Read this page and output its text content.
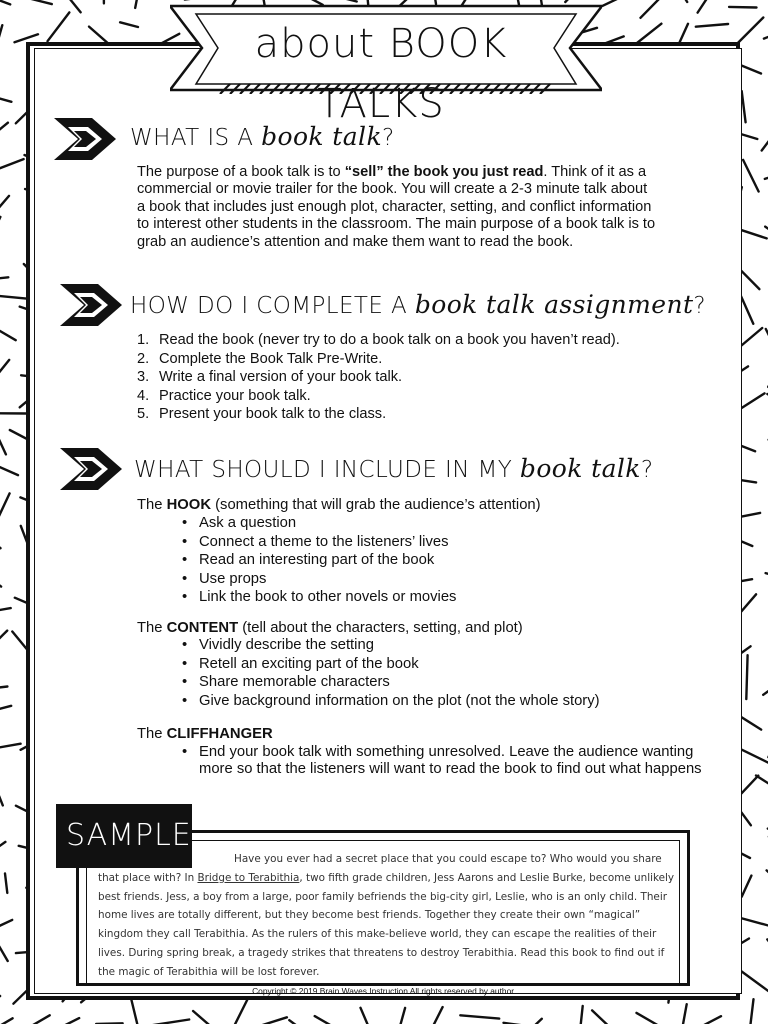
about BOOK TALKS
WHAT IS A book talk?
The purpose of a book talk is to “sell” the book you just read. Think of it as a commercial or movie trailer for the book. You will create a 2-3 minute talk about a book that includes just enough plot, character, setting, and conflict information to interest other students in the classroom. The main purpose of a book talk is to grab an audience’s attention and make them want to read the book.
HOW DO I COMPLETE A book talk assignment?
1. Read the book (never try to do a book talk on a book you haven’t read).
2. Complete the Book Talk Pre-Write.
3. Write a final version of your book talk.
4. Practice your book talk.
5. Present your book talk to the class.
WHAT SHOULD I INCLUDE IN MY book talk?
The HOOK (something that will grab the audience’s attention)
• Ask a question
• Connect a theme to the listeners’ lives
• Read an interesting part of the book
• Use props
• Link the book to other novels or movies
The CONTENT (tell about the characters, setting, and plot)
• Vividly describe the setting
• Retell an exciting part of the book
• Share memorable characters
• Give background information on the plot (not the whole story)
The CLIFFHANGER
• End your book talk with something unresolved. Leave the audience wanting more so that the listeners will want to read the book to find out what happens
SAMPLE
Have you ever had a secret place that you could escape to? Who would you share that place with? In Bridge to Terabithia, two fifth grade children, Jess Aarons and Leslie Burke, become unlikely best friends. Jess, a boy from a large, poor family befriends the big-city girl, Leslie, who is an only child. Their home lives are totally different, but they become best friends. Together they create their own “magical” kingdom they call Terabithia. As the rulers of this make-believe world, they can escape the realities of their lives. During spring break, a tragedy strikes that threatens to destroy Terabithia. Read this book to find out if the magic of Terabithia will be lost forever.
Copyright © 2019 Brain Waves Instruction All rights reserved by author.
